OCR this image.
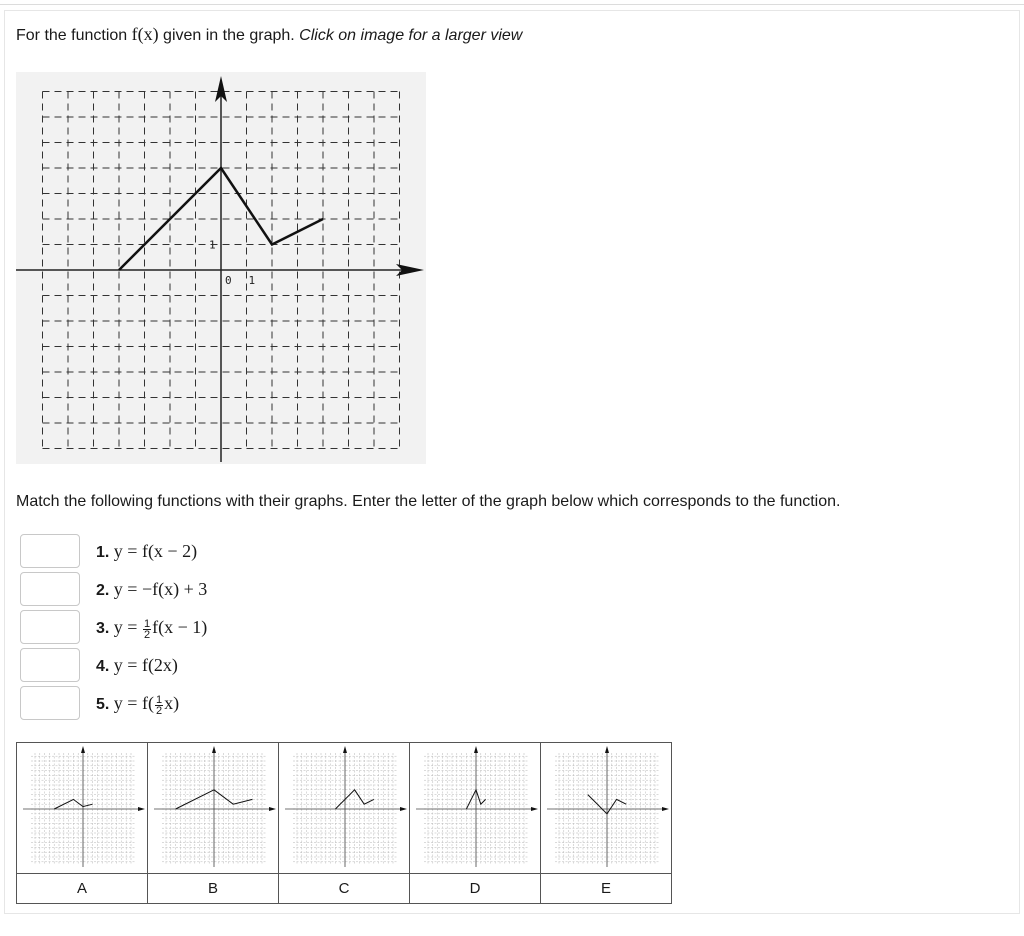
For the function f(x) given in the graph. Click on image for a larger view
0 1
1
Match the following functions with their graphs. Enter the letter of the graph below which corresponds to the function.
1. y = f(x − 2)
2. y = −f(x) + 3
3. $y = \frac{1}{2} f(x - 1)$
4. y = f(2x)
5. $y = f( \frac{1}{2} x)$
A	B	C	D	E
